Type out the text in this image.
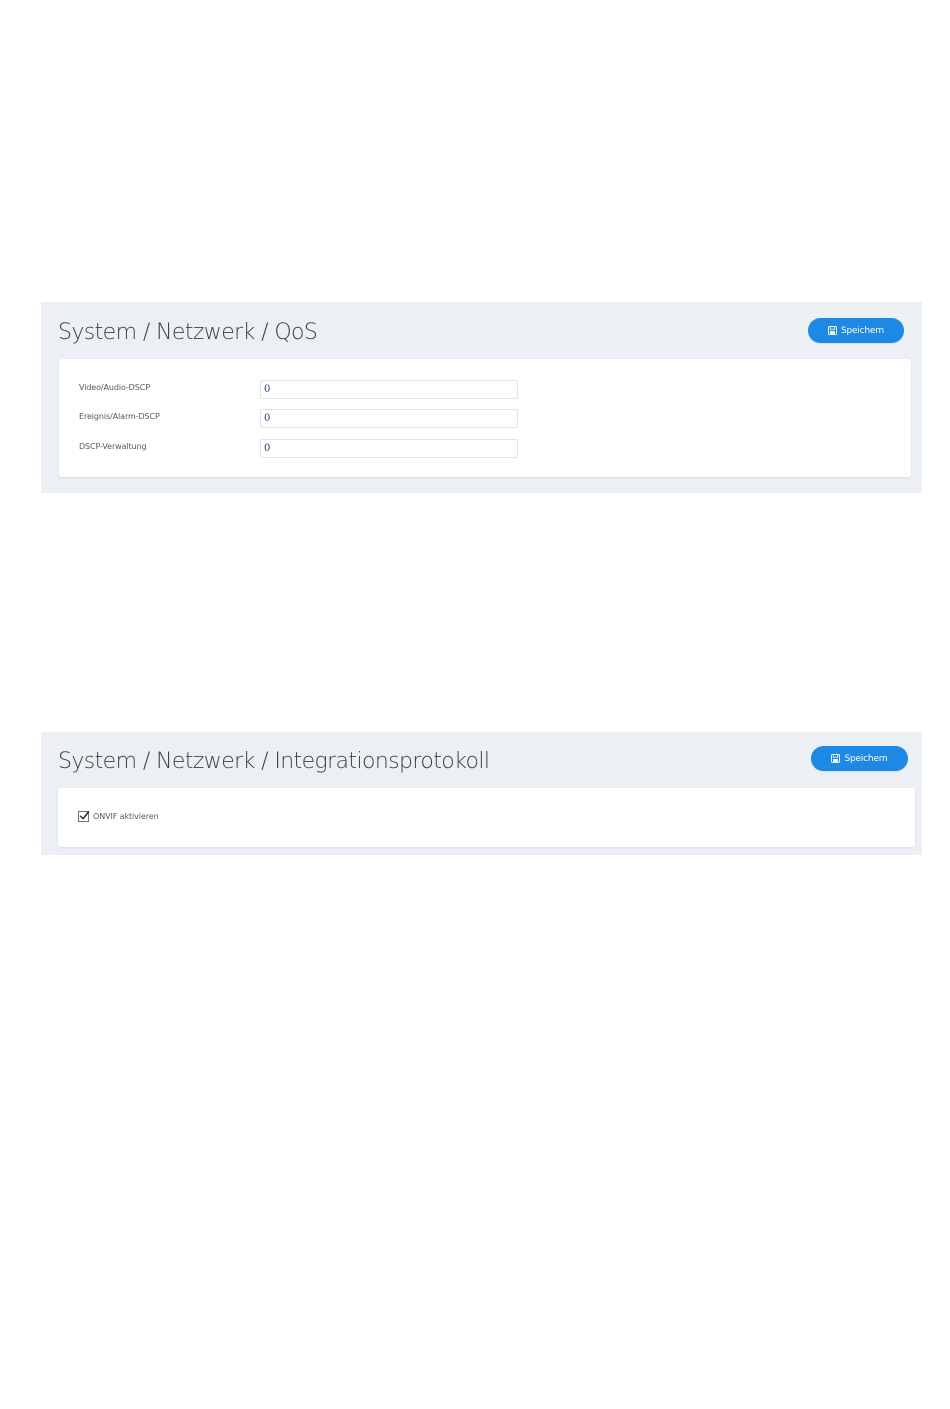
System / Netzwerk / QoS	Speichern
Video/Audio-DSCP
0
Ereignis/Alarm-DSCP
0
DSCP-Verwaltung
0
System / Netzwerk / Integrationsprotokoll	Speichern
ONVIF aktivieren
